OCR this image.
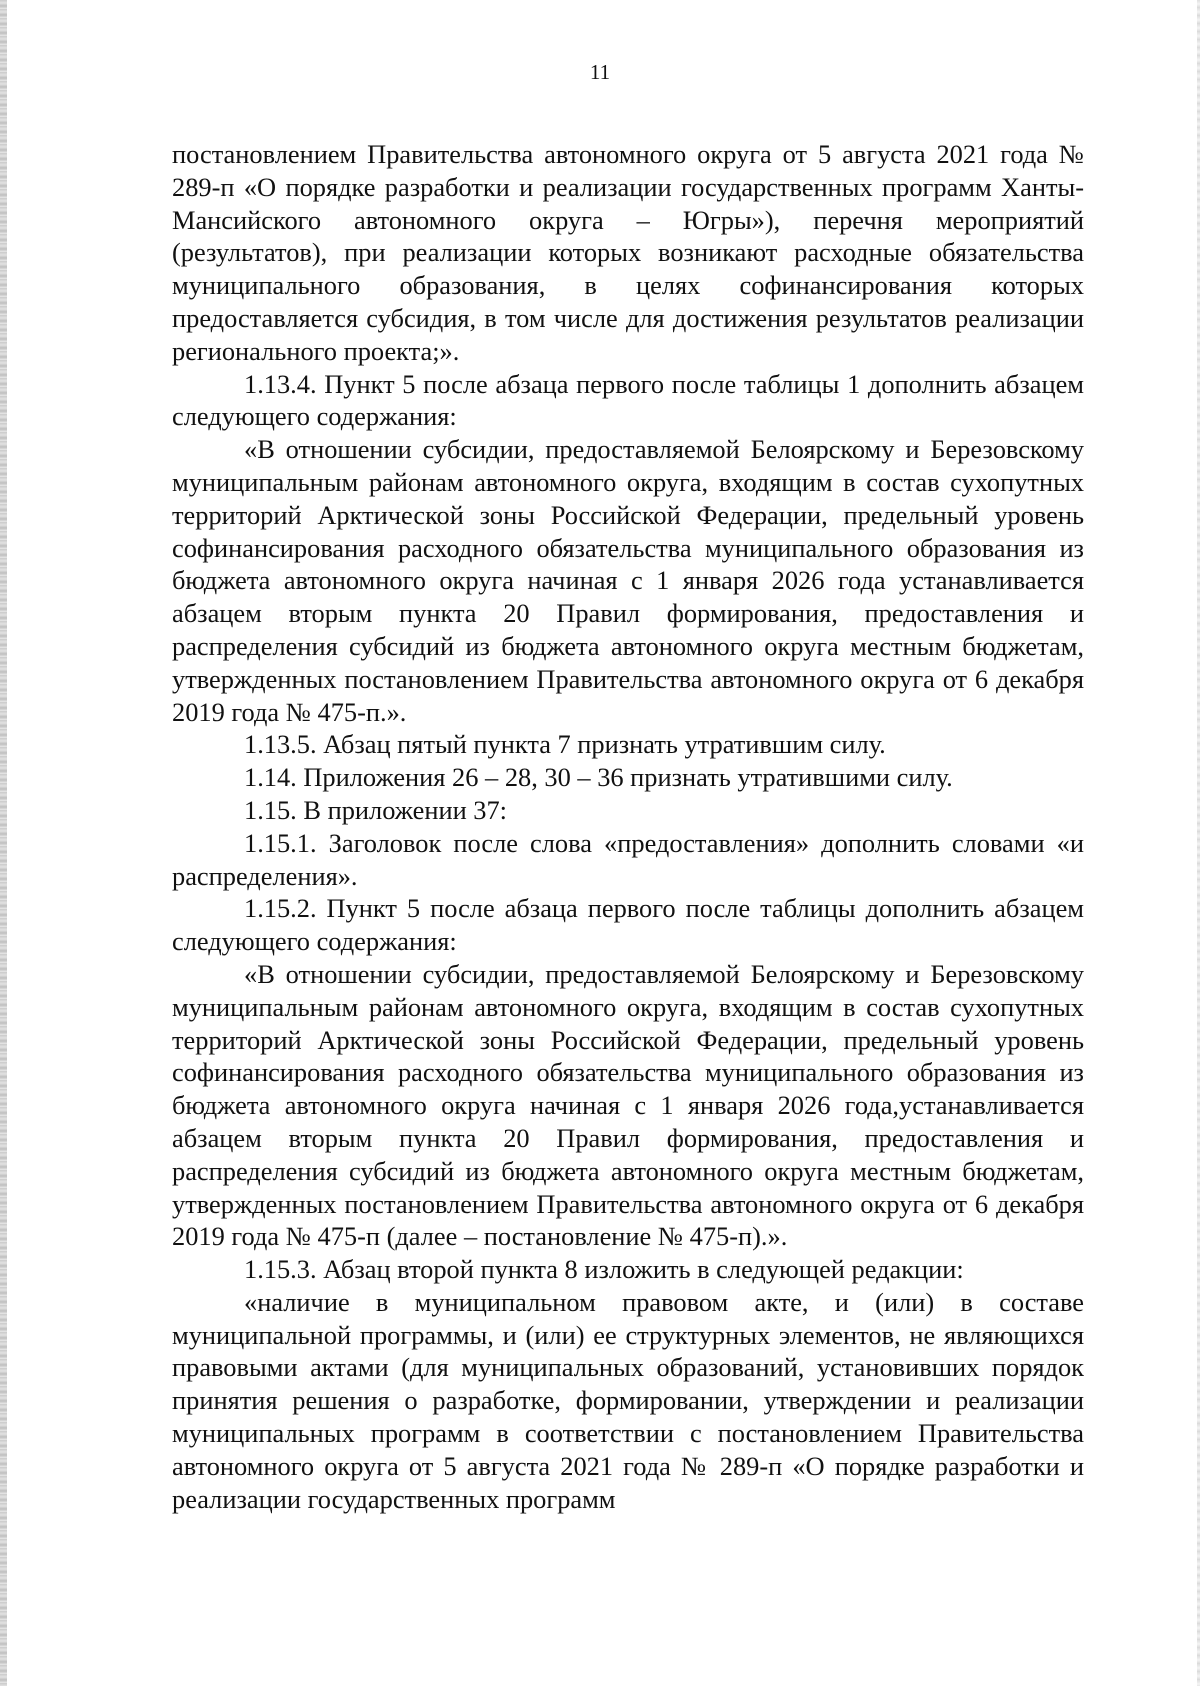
11

постановлением Правительства автономного округа от 5 августа 2021 года № 289-п «О порядке разработки и реализации государственных программ Ханты-Мансийского автономного округа – Югры»), перечня мероприятий (результатов), при реализации которых возникают расходные обязательства муниципального образования, в целях софинансирования которых предоставляется субсидия, в том числе для достижения результатов реализации регионального проекта;».

1.13.4. Пункт 5 после абзаца первого после таблицы 1 дополнить абзацем следующего содержания:

«В отношении субсидии, предоставляемой Белоярскому и Березовскому муниципальным районам автономного округа, входящим в состав сухопутных территорий Арктической зоны Российской Федерации, предельный уровень софинансирования расходного обязательства муниципального образования из бюджета автономного округа начиная с 1 января 2026 года устанавливается абзацем вторым пункта 20 Правил формирования, предоставления и распределения субсидий из бюджета автономного округа местным бюджетам, утвержденных постановлением Правительства автономного округа от 6 декабря 2019 года № 475-п.».

1.13.5. Абзац пятый пункта 7 признать утратившим силу.

1.14. Приложения 26 – 28, 30 – 36 признать утратившими силу.

1.15. В приложении 37:

1.15.1. Заголовок после слова «предоставления» дополнить словами «и распределения».

1.15.2. Пункт 5 после абзаца первого после таблицы дополнить абзацем следующего содержания:

«В отношении субсидии, предоставляемой Белоярскому и Березовскому муниципальным районам автономного округа, входящим в состав сухопутных территорий Арктической зоны Российской Федерации, предельный уровень софинансирования расходного обязательства муниципального образования из бюджета автономного округа начиная с 1 января 2026 года,устанавливается абзацем вторым пункта 20 Правил формирования, предоставления и распределения субсидий из бюджета автономного округа местным бюджетам, утвержденных постановлением Правительства автономного округа от 6 декабря 2019 года № 475-п (далее – постановление № 475-п).».

1.15.3. Абзац второй пункта 8 изложить в следующей редакции:

«наличие в муниципальном правовом акте, и (или) в составе муниципальной программы, и (или) ее структурных элементов, не являющихся правовыми актами (для муниципальных образований, установивших порядок принятия решения о разработке, формировании, утверждении и реализации муниципальных программ в соответствии с постановлением Правительства автономного округа от 5 августа 2021 года № 289-п «О порядке разработки и реализации государственных программ
